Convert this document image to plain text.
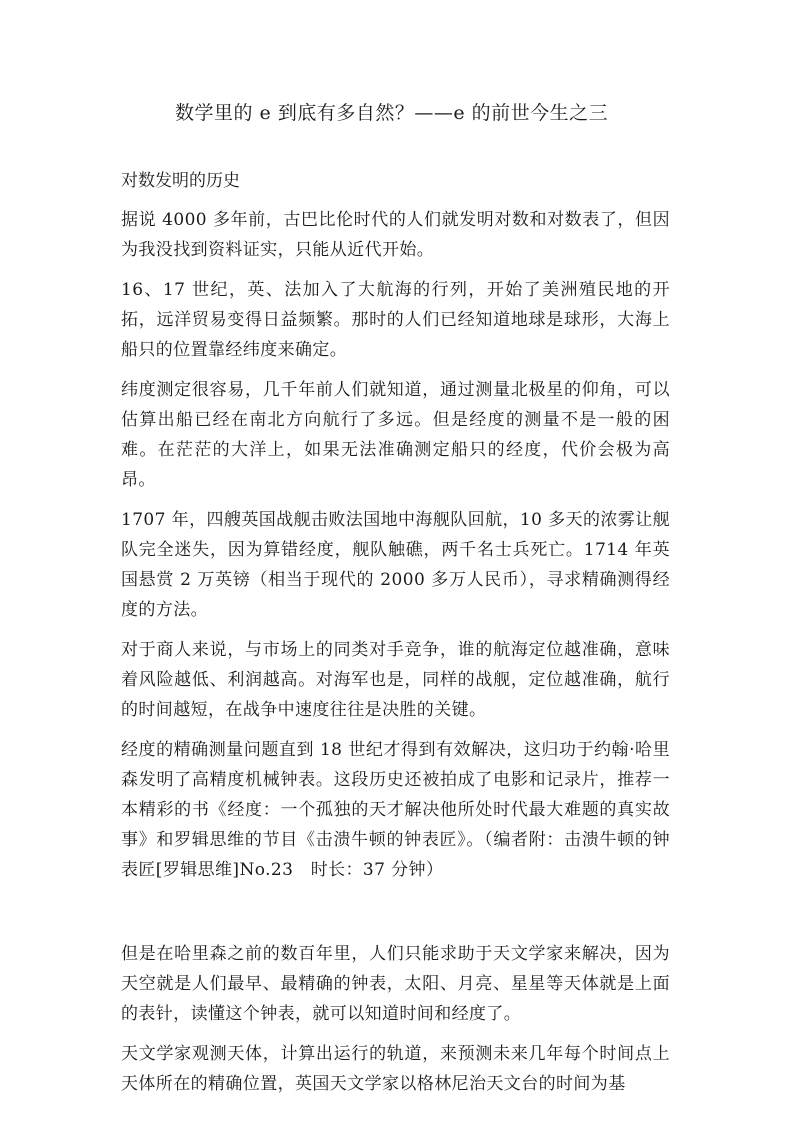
数学里的 e 到底有多自然？——e 的前世今生之三
对数发明的历史

据说 4000 多年前，古巴比伦时代的人们就发明对数和对数表了，但因为我没找到资料证实，只能从近代开始。

16、17 世纪，英、法加入了大航海的行列，开始了美洲殖民地的开拓，远洋贸易变得日益频繁。那时的人们已经知道地球是球形，大海上船只的位置靠经纬度来确定。

纬度测定很容易，几千年前人们就知道，通过测量北极星的仰角，可以估算出船已经在南北方向航行了多远。但是经度的测量不是一般的困难。在茫茫的大洋上，如果无法准确测定船只的经度，代价会极为高昂。

1707 年，四艘英国战舰击败法国地中海舰队回航，10 多天的浓雾让舰队完全迷失，因为算错经度，舰队触礁，两千名士兵死亡。1714 年英国悬赏 2 万英镑（相当于现代的 2000 多万人民币），寻求精确测得经度的方法。

对于商人来说，与市场上的同类对手竞争，谁的航海定位越准确，意味着风险越低、利润越高。对海军也是，同样的战舰，定位越准确，航行的时间越短，在战争中速度往往是决胜的关键。

经度的精确测量问题直到 18 世纪才得到有效解决，这归功于约翰·哈里森发明了高精度机械钟表。这段历史还被拍成了电影和记录片，推荐一本精彩的书《经度：一个孤独的天才解决他所处时代最大难题的真实故事》和罗辑思维的节目《击溃牛顿的钟表匠》。（编者附：击溃牛顿的钟表匠[罗辑思维]No.23　时长：37 分钟）

但是在哈里森之前的数百年里，人们只能求助于天文学家来解决，因为天空就是人们最早、最精确的钟表，太阳、月亮、星星等天体就是上面的表针，读懂这个钟表，就可以知道时间和经度了。

天文学家观测天体，计算出运行的轨道，来预测未来几年每个时间点上天体所在的精确位置，英国天文学家以格林尼治天文台的时间为基
